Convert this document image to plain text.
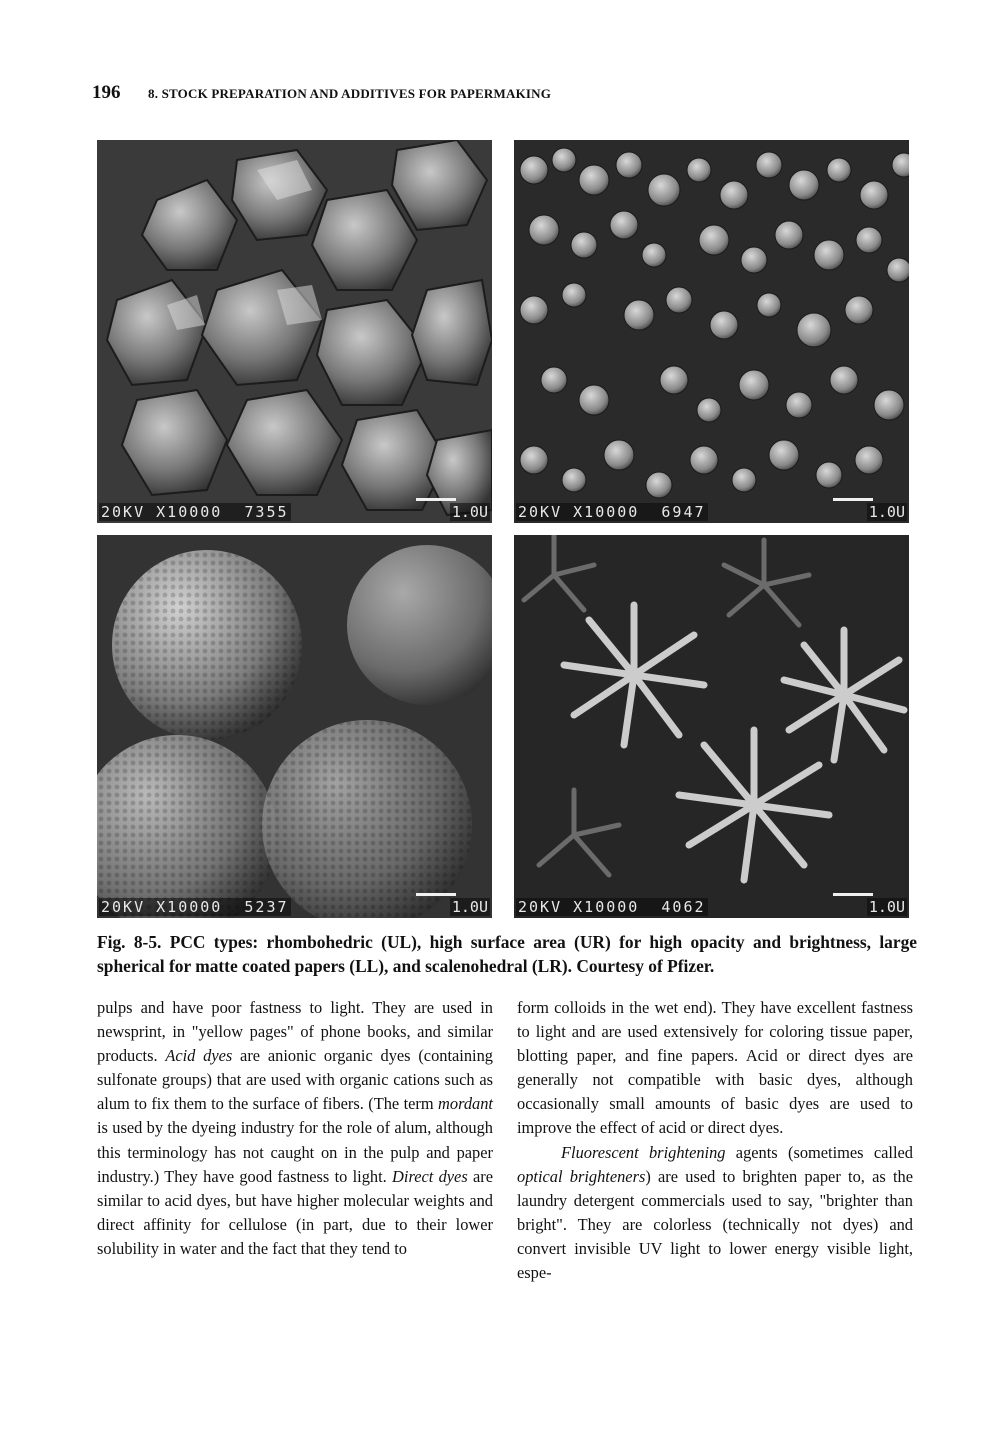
196 8. STOCK PREPARATION AND ADDITIVES FOR PAPERMAKING
20KV X10000  7355	1.0U 20KV X10000  6947	1.0U
20KV X10000  5237	1.0U 20KV X10000  4062	1.0U
Fig. 8-5. PCC types: rhombohedric (UL), high surface area (UR) for high opacity and brightness, large spherical for matte coated papers (LL), and scalenohedral (LR). Courtesy of Pfizer.

pulps and have poor fastness to light. They are used in newsprint, in "yellow pages" of phone books, and similar products. Acid dyes are anionic organic dyes (containing sulfonate groups) that are used with organic cations such as alum to fix them to the surface of fibers. (The term mordant is used by the dyeing industry for the role of alum, although this terminology has not caught on in the pulp and paper industry.) They have good fastness to light. Direct dyes are similar to acid dyes, but have higher molecular weights and direct affinity for cellulose (in part, due to their lower solubility in water and the fact that they tend to

form colloids in the wet end). They have excellent fastness to light and are used extensively for coloring tissue paper, blotting paper, and fine papers. Acid or direct dyes are generally not compatible with basic dyes, although occasionally small amounts of basic dyes are used to improve the effect of acid or direct dyes.

Fluorescent brightening agents (sometimes called optical brighteners) are used to brighten paper to, as the laundry detergent commercials used to say, "brighter than bright". They are colorless (technically not dyes) and convert invisible UV light to lower energy visible light, espe-
